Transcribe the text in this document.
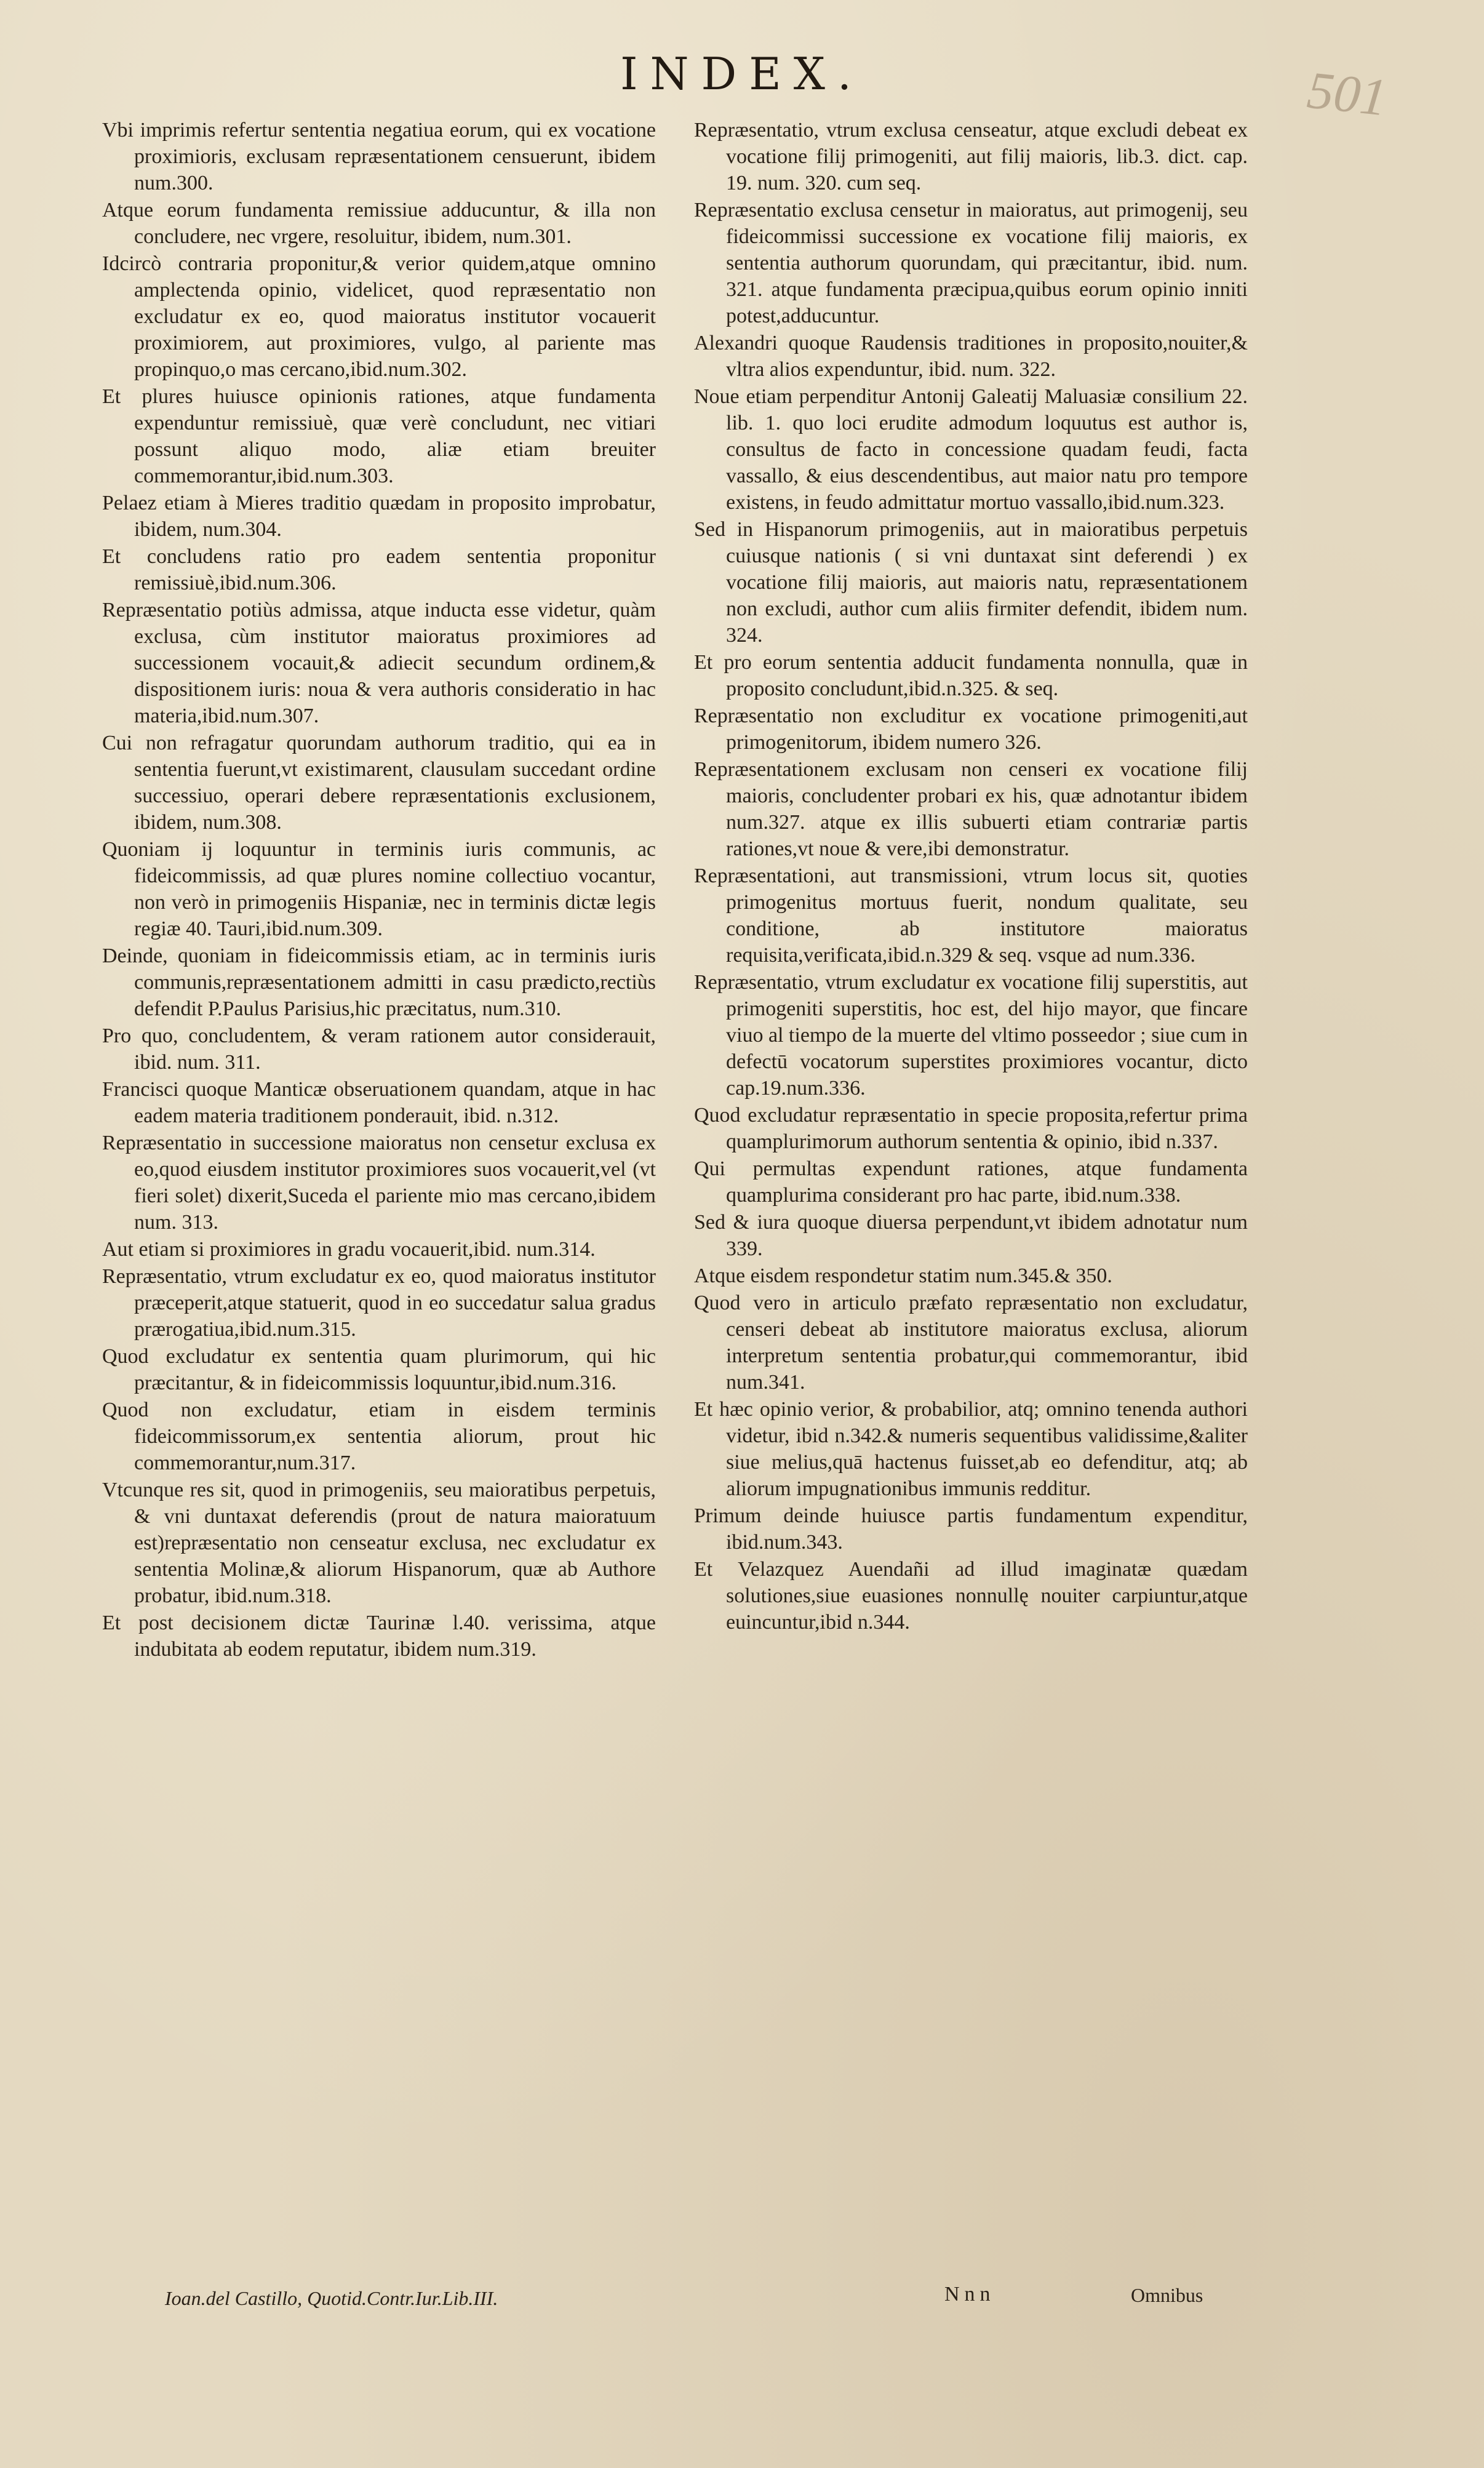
INDEX.	501
Vbi imprimis refertur sententia negatiua eorum, qui ex vocatione proximioris, exclusam repræsentationem censuerunt, ibidem num.300.
Atque eorum fundamenta remissiue adducuntur, & illa non concludere, nec vrgere, resoluitur, ibidem, num.301.
Idcircò contraria proponitur,& verior quidem,atque omnino amplectenda opinio, videlicet, quod repræsentatio non excludatur ex eo, quod maioratus institutor vocauerit proximiorem, aut proximiores, vulgo, al pariente mas propinquo,o mas cercano,ibid.num.302.
Et plures huiusce opinionis rationes, atque fundamenta expenduntur remissiuè, quæ verè concludunt, nec vitiari possunt aliquo modo, aliæ etiam breuiter commemorantur,ibid.num.303.
Pelaez etiam à Mieres traditio quædam in proposito improbatur, ibidem, num.304.
Et concludens ratio pro eadem sententia proponitur remissiuè,ibid.num.306.
Repræsentatio potiùs admissa, atque inducta esse videtur, quàm exclusa, cùm institutor maioratus proximiores ad successionem vocauit,& adiecit secundum ordinem,& dispositionem iuris: noua & vera authoris consideratio in hac materia,ibid.num.307.
Cui non refragatur quorundam authorum traditio, qui ea in sententia fuerunt,vt existimarent, clausulam succedant ordine successiuo, operari debere repræsentationis exclusionem, ibidem, num.308.
Quoniam ij loquuntur in terminis iuris communis, ac fideicommissis, ad quæ plures nomine collectiuo vocantur, non verò in primogeniis Hispaniæ, nec in terminis dictæ legis regiæ 40. Tauri,ibid.num.309.
Deinde, quoniam in fideicommissis etiam, ac in terminis iuris communis,repræsentationem admitti in casu prædicto,rectiùs defendit P.Paulus Parisius,hic præcitatus, num.310.
Pro quo, concludentem, & veram rationem autor considerauit, ibid. num. 311.
Francisci quoque Manticæ obseruationem quandam, atque in hac eadem materia traditionem ponderauit, ibid. n.312.
Repræsentatio in successione maioratus non censetur exclusa ex eo,quod eiusdem institutor proximiores suos vocauerit,vel (vt fieri solet) dixerit,Suceda el pariente mio mas cercano,ibidem num. 313.
Aut etiam si proximiores in gradu vocauerit,ibid. num.314.
Repræsentatio, vtrum excludatur ex eo, quod maioratus institutor præceperit,atque statuerit, quod in eo succedatur salua gradus prærogatiua,ibid.num.315.
Quod excludatur ex sententia quam plurimorum, qui hic præcitantur, & in fideicommissis loquuntur,ibid.num.316.
Quod non excludatur, etiam in eisdem terminis fideicommissorum,ex sententia aliorum, prout hic commemorantur,num.317.
Vtcunque res sit, quod in primogeniis, seu maioratibus perpetuis, & vni duntaxat deferendis (prout de natura maioratuum est)repræsentatio non censeatur exclusa, nec excludatur ex sententia Molinæ,& aliorum Hispanorum, quæ ab Authore probatur, ibid.num.318.
Et post decisionem dictæ Taurinæ l.40. verissima, atque indubitata ab eodem reputatur, ibidem num.319.
Repræsentatio, vtrum exclusa censeatur, atque excludi debeat ex vocatione filij primogeniti, aut filij maioris, lib.3. dict. cap. 19. num. 320. cum seq.
Repræsentatio exclusa censetur in maioratus, aut primogenij, seu fideicommissi successione ex vocatione filij maioris, ex sententia authorum quorundam, qui præcitantur, ibid. num. 321. atque fundamenta præcipua,quibus eorum opinio inniti potest,adducuntur.
Alexandri quoque Raudensis traditiones in proposito,nouiter,& vltra alios expenduntur, ibid. num. 322.
Noue etiam perpenditur Antonij Galeatij Maluasiæ consilium 22. lib. 1. quo loci erudite admodum loquutus est author is, consultus de facto in concessione quadam feudi, facta vassallo, & eius descendentibus, aut maior natu pro tempore existens, in feudo admittatur mortuo vassallo,ibid.num.323.
Sed in Hispanorum primogeniis, aut in maioratibus perpetuis cuiusque nationis ( si vni duntaxat sint deferendi ) ex vocatione filij maioris, aut maioris natu, repræsentationem non excludi, author cum aliis firmiter defendit, ibidem num. 324.
Et pro eorum sententia adducit fundamenta nonnulla, quæ in proposito concludunt,ibid.n.325. & seq.
Repræsentatio non excluditur ex vocatione primogeniti,aut primogenitorum, ibidem numero 326.
Repræsentationem exclusam non censeri ex vocatione filij maioris, concludenter probari ex his, quæ adnotantur ibidem num.327. atque ex illis subuerti etiam contrariæ partis rationes,vt noue & vere,ibi demonstratur.
Repræsentationi, aut transmissioni, vtrum locus sit, quoties primogenitus mortuus fuerit, nondum qualitate, seu conditione, ab institutore maioratus requisita,verificata,ibid.n.329 & seq. vsque ad num.336.
Repræsentatio, vtrum excludatur ex vocatione filij superstitis, aut primogeniti superstitis, hoc est, del hijo mayor, que fincare viuo al tiempo de la muerte del vltimo posseedor ; siue cum in defectū vocatorum superstites proximiores vocantur, dicto cap.19.num.336.
Quod excludatur repræsentatio in specie proposita,refertur prima quamplurimorum authorum sententia & opinio, ibid n.337.
Qui permultas expendunt rationes, atque fundamenta quamplurima considerant pro hac parte, ibid.num.338.
Sed & iura quoque diuersa perpendunt,vt ibidem adnotatur num 339.
Atque eisdem respondetur statim num.345.& 350.
Quod vero in articulo præfato repræsentatio non excludatur, censeri debeat ab institutore maioratus exclusa, aliorum interpretum sententia probatur,qui commemorantur, ibid num.341.
Et hæc opinio verior, & probabilior, atq; omnino tenenda authori videtur, ibid n.342.& numeris sequentibus validissime,&aliter siue melius,quā hactenus fuisset,ab eo defenditur, atq; ab aliorum impugnationibus immunis redditur.
Primum deinde huiusce partis fundamentum expenditur, ibid.num.343.
Et Velazquez Auendañi ad illud imaginatæ quædam solutiones,siue euasiones nonnullę nouiter carpiuntur,atque euincuntur,ibid n.344.
Ioan.del Castillo, Quotid.Contr.Iur.Lib.III.	Nnn	Omnibus
